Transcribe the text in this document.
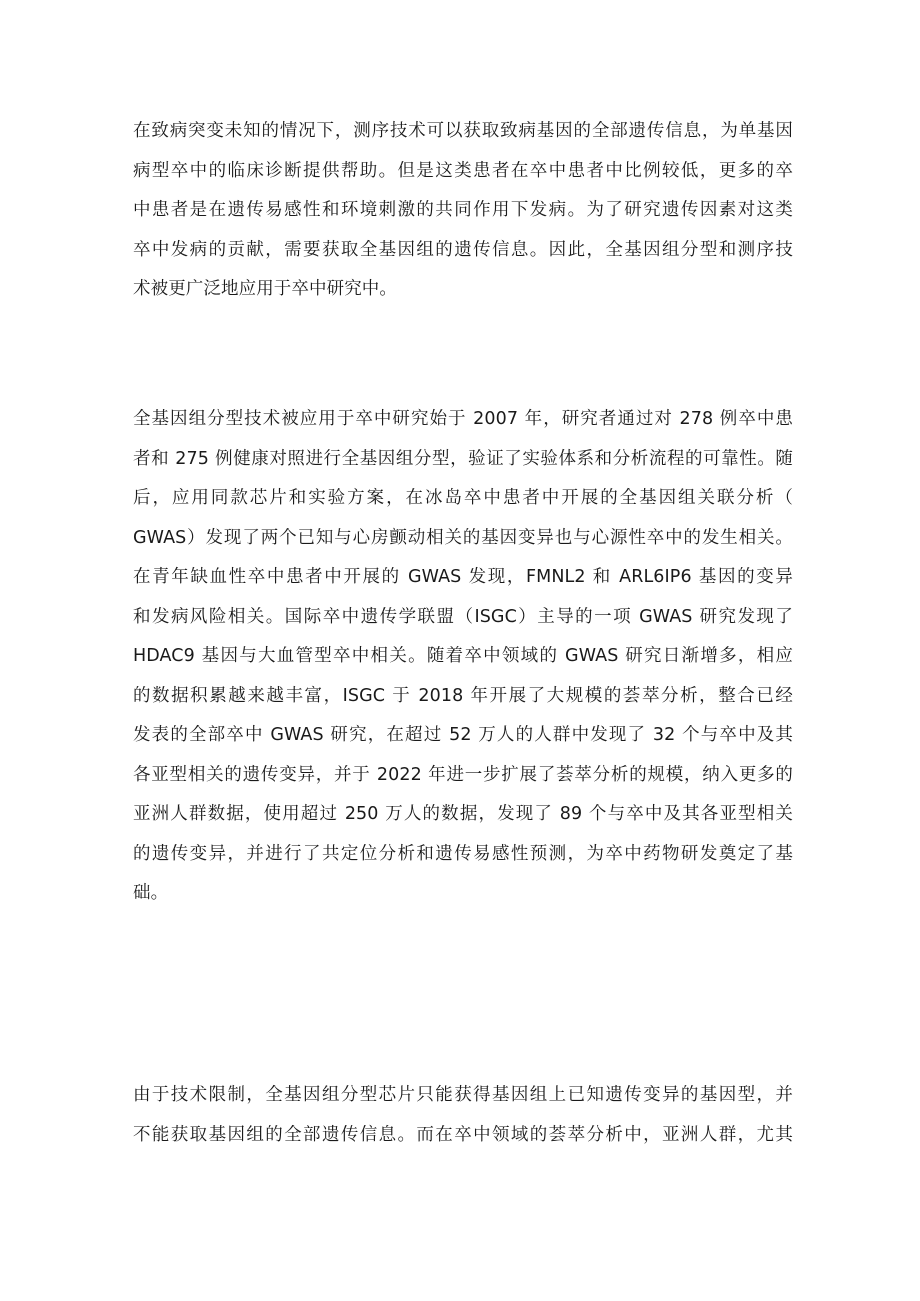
在致病突变未知的情况下，测序技术可以获取致病基因的全部遗传信息，为单基因
病型卒中的临床诊断提供帮助。但是这类患者在卒中患者中比例较低，更多的卒
中患者是在遗传易感性和环境刺激的共同作用下发病。为了研究遗传因素对这类
卒中发病的贡献，需要获取全基因组的遗传信息。因此，全基因组分型和测序技
术被更广泛地应用于卒中研究中。
全基因组分型技术被应用于卒中研究始于 2007 年，研究者通过对 278 例卒中患
者和 275 例健康对照进行全基因组分型，验证了实验体系和分析流程的可靠性。随
后，应用同款芯片和实验方案，在冰岛卒中患者中开展的全基因组关联分析（
GWAS）发现了两个已知与心房颤动相关的基因变异也与心源性卒中的发生相关。
在青年缺血性卒中患者中开展的 GWAS 发现，FMNL2 和 ARL6IP6 基因的变异
和发病风险相关。国际卒中遗传学联盟（ISGC）主导的一项 GWAS 研究发现了
HDAC9 基因与大血管型卒中相关。随着卒中领域的 GWAS 研究日渐增多，相应
的数据积累越来越丰富，ISGC 于 2018 年开展了大规模的荟萃分析，整合已经
发表的全部卒中 GWAS 研究，在超过 52 万人的人群中发现了 32 个与卒中及其
各亚型相关的遗传变异，并于 2022 年进一步扩展了荟萃分析的规模，纳入更多的
亚洲人群数据，使用超过 250 万人的数据，发现了 89 个与卒中及其各亚型相关
的遗传变异，并进行了共定位分析和遗传易感性预测，为卒中药物研发奠定了基
础。
由于技术限制，全基因组分型芯片只能获得基因组上已知遗传变异的基因型，并
不能获取基因组的全部遗传信息。而在卒中领域的荟萃分析中，亚洲人群，尤其
